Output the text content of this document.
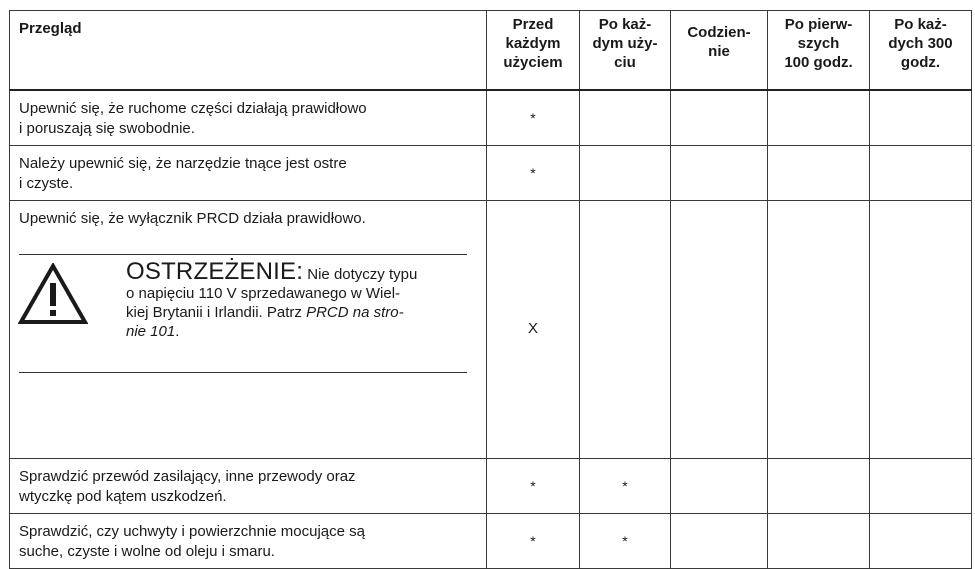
Przegląd	Przed
każdym
użyciem	Po każ-
dym uży-
ciu	Codzien-
nie	Po pierw-
szych
100 godz.	Po każ-
dych 300
godz.

Upewnić się, że ruchome części działają prawidłowo
i poruszają się swobodnie.	*				

Należy upewnić się, że narzędzie tnące jest ostre
i czyste.	*				

Upewnić się, że wyłącznik PRCD działa prawidłowo.
OSTRZEŻENIE: Nie dotyczy typu
o napięciu 110 V sprzedawanego w Wiel-
kiej Brytanii i Irlandii. Patrz PRCD na stro-
nie 101.	X				

Sprawdzić przewód zasilający, inne przewody oraz
wtyczkę pod kątem uszkodzeń.	*	*			

Sprawdzić, czy uchwyty i powierzchnie mocujące są
suche, czyste i wolne od oleju i smaru.	*	*			
